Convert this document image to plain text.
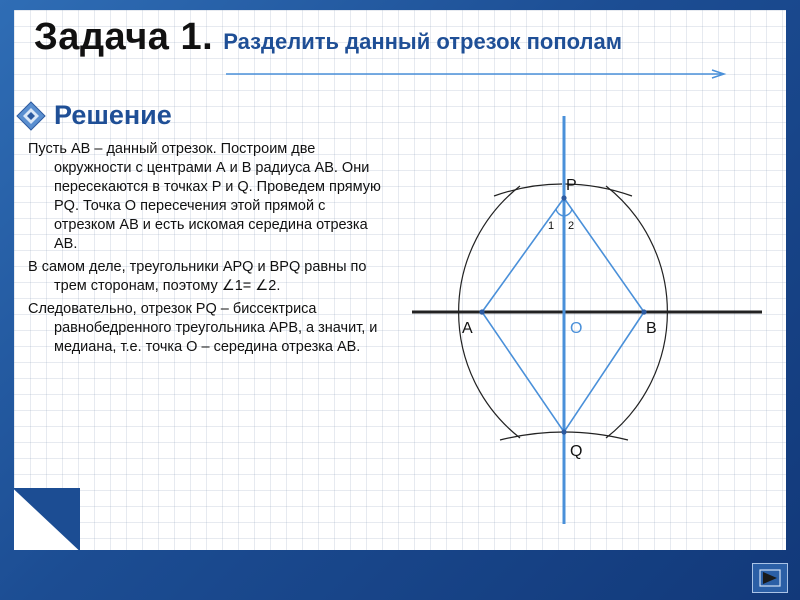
Задача 1. Разделить данный отрезок пополам
Решение

Пусть АВ – данный отрезок. Построим две окружности с центрами А и В радиуса АВ. Они пересекаются в точках P и Q. Проведем прямую PQ. Точка О пересечения этой прямой с отрезком АВ и есть искомая середина отрезка АВ.

В самом деле, треугольники APQ и BPQ равны по трем сторонам, поэтому ∠1= ∠2.

Следовательно, отрезок PQ – биссектриса равнобедренного треугольника APB, а значит, и медиана, т.е. точка О – середина отрезка АВ.

P
Q
А	В
О
1 2
